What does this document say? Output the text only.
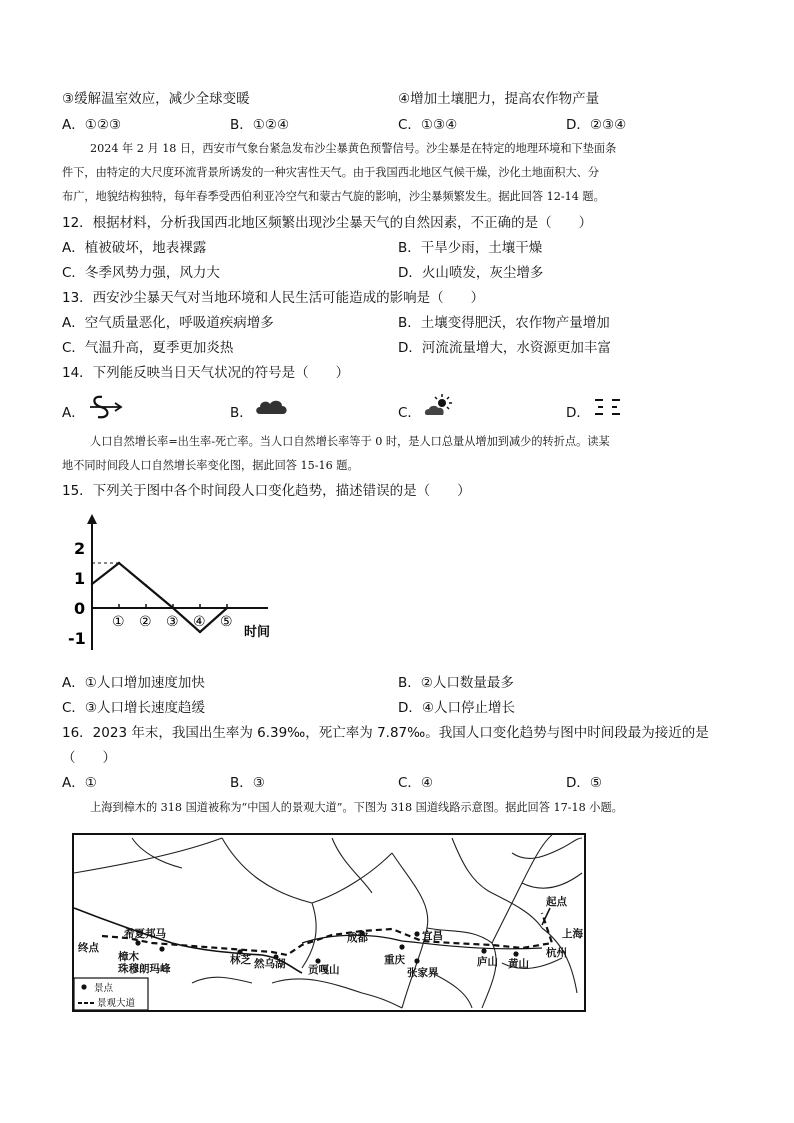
③缓解温室效应，减少全球变暖	④增加土壤肥力，提高农作物产量
A．①②③	B．①②④	C．①③④	D．②③④
2024 年 2 月 18 日，西安市气象台紧急发布沙尘暴黄色预警信号。沙尘暴是在特定的地理环境和下垫面条
件下，由特定的大尺度环流背景所诱发的一种灾害性天气。由于我国西北地区气候干燥，沙化土地面积大、分
布广，地貌结构独特，每年春季受西伯利亚冷空气和蒙古气旋的影响，沙尘暴频繁发生。据此回答 12-14 题。
12．根据材料，分析我国西北地区频繁出现沙尘暴天气的自然因素，不正确的是（　　）
A．植被破坏，地表裸露	B．干旱少雨，土壤干燥
C．冬季风势力强，风力大	D．火山喷发，灰尘增多
13．西安沙尘暴天气对当地环境和人民生活可能造成的影响是（　　）
A．空气质量恶化，呼吸道疾病增多	B．土壤变得肥沃，农作物产量增加
C．气温升高，夏季更加炎热	D．河流流量增大，水资源更加丰富
14．下列能反映当日天气状况的符号是（　　）
A．	B．	C．	D．
人口自然增长率=出生率-死亡率。当人口自然增长率等于 0 时，是人口总量从增加到减少的转折点。读某
地不同时间段人口自然增长率变化图，据此回答 15-16 题。
15．下列关于图中各个时间段人口变化趋势，描述错误的是（　　）
2
1
0
-1
① ② ③ ④ ⑤
时间
A．①人口增加速度加快	B．②人口数量最多
C．③人口增长速度趋缓	D．④人口停止增长
16．2023 年末，我国出生率为 6.39‰，死亡率为 7.87‰。我国人口变化趋势与图中时间段最为接近的是
（　　）
A．①	B．③	C．④	D．⑤
上海到樟木的 318 国道被称为“中国人的景观大道”。下图为 318 国道线路示意图。据此回答 17-18 小题。
起点
上海
杭州
黄山
庐山
宜昌
成都
重庆
张家界
贡嘎山
然乌湖
林芝
希夏邦马
终点
樟木
珠穆朗玛峰
景点
景观大道
